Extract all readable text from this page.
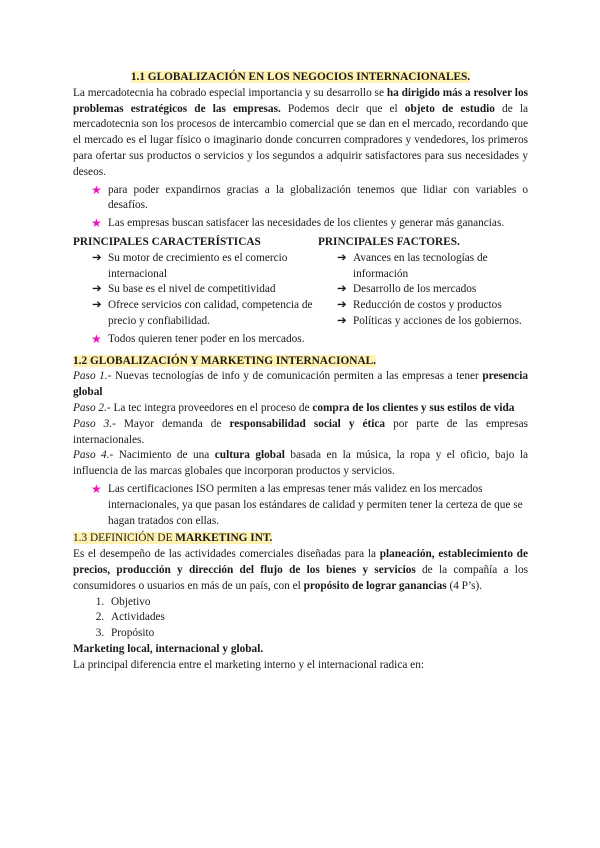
1.1 GLOBALIZACIÓN EN LOS NEGOCIOS INTERNACIONALES.

La mercadotecnia ha cobrado especial importancia y su desarrollo se ha dirigido más a resolver los problemas estratégicos de las empresas. Podemos decir que el objeto de estudio de la mercadotecnia son los procesos de intercambio comercial que se dan en el mercado, recordando que el mercado es el lugar físico o imaginario donde concurren compradores y vendedores, los primeros para ofertar sus productos o servicios y los segundos a adquirir satisfactores para sus necesidades y deseos.

★ para poder expandirnos gracias a la globalización tenemos que lidiar con variables o desafíos.
★ Las empresas buscan satisfacer las necesidades de los clientes y generar más ganancias.
PRINCIPALES CARACTERÍSTICAS
➔ Su motor de crecimiento es el comercio internacional
➔ Su base es el nivel de competitividad
➔ Ofrece servicios con calidad, competencia de precio y confiabilidad.
PRINCIPALES FACTORES.
➔ Avances en las tecnologías de información
➔ Desarrollo de los mercados
➔ Reducción de costos y productos
➔ Políticas y acciones de los gobiernos.
★ Todos quieren tener poder en los mercados.

1.2 GLOBALIZACIÓN Y MARKETING INTERNACIONAL.

Paso 1.- Nuevas tecnologías de info y de comunicación permiten a las empresas a tener presencia global

Paso 2.- La tec integra proveedores en el proceso de compra de los clientes y sus estilos de vida

Paso 3.- Mayor demanda de responsabilidad social y ética por parte de las empresas internacionales.

Paso 4.- Nacimiento de una cultura global basada en la música, la ropa y el oficio, bajo la influencia de las marcas globales que incorporan productos y servicios.

★ Las certificaciones ISO permiten a las empresas tener más validez en los mercados internacionales, ya que pasan los estándares de calidad y permiten tener la certeza de que se hagan tratados con ellas.

1.3 DEFINICIÓN DE MARKETING INT.

Es el desempeño de las actividades comerciales diseñadas para la planeación, establecimiento de precios, producción y dirección del flujo de los bienes y servicios de la compañía a los consumidores o usuarios en más de un país, con el propósito de lograr ganancias (4 P’s).

1. Objetivo
2. Actividades
3. Propósito

Marketing local, internacional y global.

La principal diferencia entre el marketing interno y el internacional radica en:
